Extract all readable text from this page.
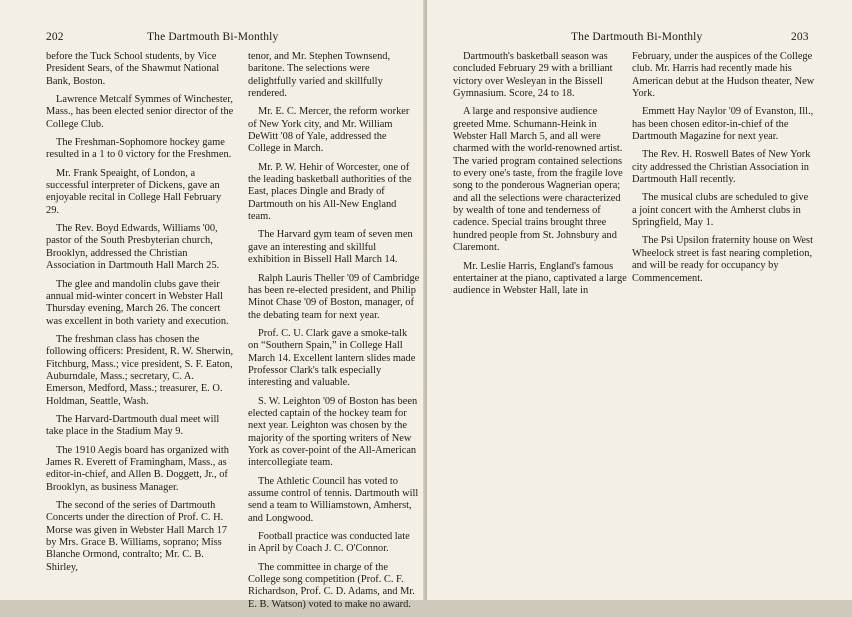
202	The Dartmouth Bi-Monthly

before the Tuck School students, by Vice President Sears, of the Shawmut National Bank, Boston.

Lawrence Metcalf Symmes of Winchester, Mass., has been elected senior director of the College Club.

The Freshman-Sophomore hockey game resulted in a 1 to 0 victory for the Freshmen.

Mr. Frank Speaight, of London, a successful interpreter of Dickens, gave an enjoyable recital in College Hall February 29.

The Rev. Boyd Edwards, Williams '00, pastor of the South Presbyterian church, Brooklyn, addressed the Christian Association in Dartmouth Hall March 25.

The glee and mandolin clubs gave their annual mid-winter concert in Webster Hall Thursday evening, March 26. The concert was excellent in both variety and execution.

The freshman class has chosen the following officers: President, R. W. Sherwin, Fitchburg, Mass.; vice president, S. F. Eaton, Auburndale, Mass.; secretary, C. A. Emerson, Medford, Mass.; treasurer, E. O. Holdman, Seattle, Wash.

The Harvard-Dartmouth dual meet will take place in the Stadium May 9.

The 1910 Aegis board has organized with James R. Everett of Framingham, Mass., as editor-in-chief, and Allen B. Doggett, Jr., of Brooklyn, as business Manager.

The second of the series of Dartmouth Concerts under the direction of Prof. C. H. Morse was given in Webster Hall March 17 by Mrs. Grace B. Williams, soprano; Miss Blanche Ormond, contralto; Mr. C. B. Shirley,

tenor, and Mr. Stephen Townsend, baritone. The selections were delightfully varied and skillfully rendered.

Mr. E. C. Mercer, the reform worker of New York city, and Mr. William DeWitt '08 of Yale, addressed the College in March.

Mr. P. W. Hehir of Worcester, one of the leading basketball authorities of the East, places Dingle and Brady of Dartmouth on his All-New England team.

The Harvard gym team of seven men gave an interesting and skillful exhibition in Bissell Hall March 14.

Ralph Lauris Theller '09 of Cambridge has been re-elected president, and Philip Minot Chase '09 of Boston, manager, of the debating team for next year.

Prof. C. U. Clark gave a smoke-talk on “Southern Spain,” in College Hall March 14. Excellent lantern slides made Professor Clark's talk especially interesting and valuable.

S. W. Leighton '09 of Boston has been elected captain of the hockey team for next year. Leighton was chosen by the majority of the sporting writers of New York as cover-point of the All-American intercollegiate team.

The Athletic Council has voted to assume control of tennis. Dartmouth will send a team to Williamstown, Amherst, and Longwood.

Football practice was conducted late in April by Coach J. C. O'Connor.

The committee in charge of the College song competition (Prof. C. F. Richardson, Prof. C. D. Adams, and Mr. E. B. Watson) voted to make no award.

The Dartmouth Bi-Monthly	203

Dartmouth's basketball season was concluded February 29 with a brilliant victory over Wesleyan in the Bissell Gymnasium. Score, 24 to 18.

A large and responsive audience greeted Mme. Schumann-Heink in Webster Hall March 5, and all were charmed with the world-renowned artist. The varied program contained selections to every one's taste, from the fragile love song to the ponderous Wagnerian opera; and all the selections were characterized by wealth of tone and tenderness of cadence. Special trains brought three hundred people from St. Johnsbury and Claremont.

Mr. Leslie Harris, England's famous entertainer at the piano, captivated a large audience in Webster Hall, late in

February, under the auspices of the College club. Mr. Harris had recently made his American debut at the Hudson theater, New York.

Emmett Hay Naylor '09 of Evanston, Ill., has been chosen editor-in-chief of the Dartmouth Magazine for next year.

The Rev. H. Roswell Bates of New York city addressed the Christian Association in Dartmouth Hall recently.

The musical clubs are scheduled to give a joint concert with the Amherst clubs in Springfield, May 1.

The Psi Upsilon fraternity house on West Wheelock street is fast nearing completion, and will be ready for occupancy by Commencement.
